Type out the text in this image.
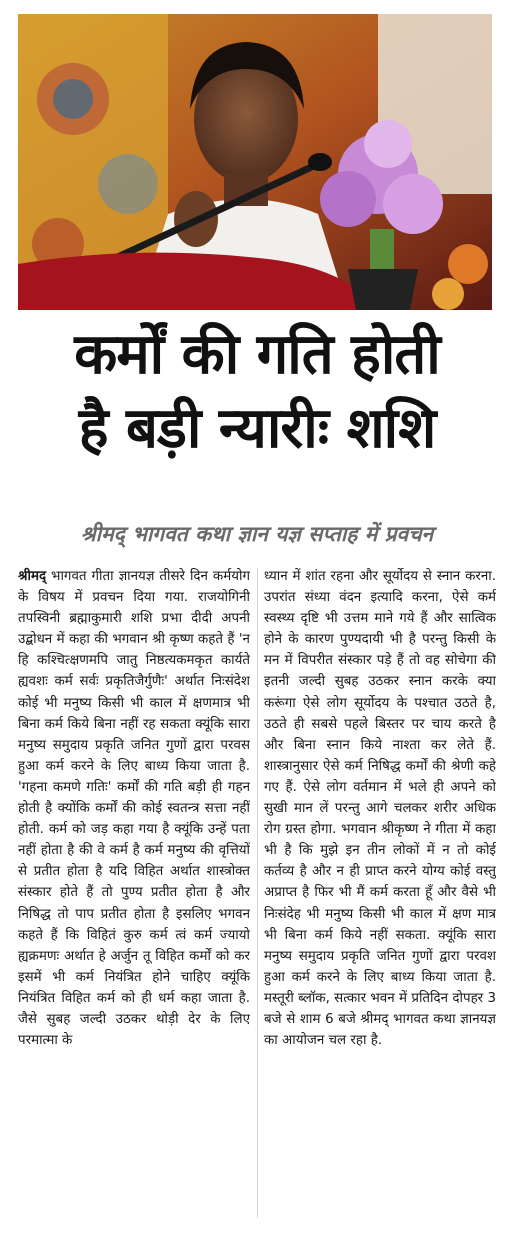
कर्मों की गति होती
है बड़ी न्यारीः शशि
श्रीमद् भागवत कथा ज्ञान यज्ञ सप्ताह में प्रवचन

श्रीमद् भागवत गीता ज्ञानयज्ञ तीसरे दिन कर्मयोग के विषय में प्रवचन दिया गया. राजयोगिनी तपस्विनी ब्रह्माकुमारी शशि प्रभा दीदी अपनी उद्बोधन में कहा की भगवान श्री कृष्ण कहते हैं 'न हि कश्चित्क्षणमपि जातु निष्ठत्यकमकृत कार्यते ह्यवशः कर्म सर्वः प्रकृतिजैर्गुणैः' अर्थात निःसंदेश कोई भी मनुष्य किसी भी काल में क्षणमात्र भी बिना कर्म किये बिना नहीं रह सकता क्यूंकि सारा मनुष्य समुदाय प्रकृति जनित गुणों द्वारा परवस हुआ कर्म करने के लिए बाध्य किया जाता है. 'गहना कमणे गतिः' कर्मों की गति बड़ी ही गहन होती है क्योंकि कर्मों की कोई स्वतन्त्र सत्ता नहीं होती. कर्म को जड़ कहा गया है क्यूंकि उन्हें पता नहीं होता है की वे कर्म है कर्म मनुष्य की वृत्तियों से प्रतीत होता है यदि विहित अर्थात शास्त्रोक्त संस्कार होते हैं तो पुण्य प्रतीत होता है और निषिद्ध तो पाप प्रतीत होता है इसलिए भगवन कहते हैं कि विहितं कुरु कर्म त्वं कर्म ज्यायो ह्यक्रमणः अर्थात हे अर्जुन तू विहित कर्मों को कर इसमें भी कर्म नियंत्रित होने चाहिए क्यूंकि नियंत्रित विहित कर्म को ही धर्म कहा जाता है. जैसे सुबह जल्दी उठकर थोड़ी देर के लिए परमात्मा के

ध्यान में शांत रहना और सूर्योदय से स्नान करना. उपरांत संध्या वंदन इत्यादि करना, ऐसे कर्म स्वस्थ्य दृष्टि भी उत्तम माने गये हैं और सात्विक होने के कारण पुण्यदायी भी है परन्तु किसी के मन में विपरीत संस्कार पड़े हैं तो वह सोचेगा की इतनी जल्दी सुबह उठकर स्नान करके क्या करूंगा ऐसे लोग सूर्योदय के पश्चात उठते है, उठते ही सबसे पहले बिस्तर पर चाय करते है और बिना स्नान किये नाश्ता कर लेते हैं. शास्त्रानुसार ऐसे कर्म निषिद्ध कर्मों की श्रेणी कहे गए हैं. ऐसे लोग वर्तमान में भले ही अपने को सुखी मान लें परन्तु आगे चलकर शरीर अधिक रोग ग्रस्त होगा. भगवान श्रीकृष्ण ने गीता में कहा भी है कि मुझे इन तीन लोकों में न तो कोई कर्तव्य है और न ही प्राप्त करने योग्य कोई वस्तु अप्राप्त है फिर भी मैं कर्म करता हूँ और वैसे भी निःसंदेह भी मनुष्य किसी भी काल में क्षण मात्र भी बिना कर्म किये नहीं सकता. क्यूंकि सारा मनुष्य समुदाय प्रकृति जनित गुणों द्वारा परवश हुआ कर्म करने के लिए बाध्य किया जाता है. मस्तूरी ब्लॉक, सत्कार भवन में प्रतिदिन दोपहर 3 बजे से शाम 6 बजे श्रीमद् भागवत कथा ज्ञानयज्ञ का आयोजन चल रहा है.
